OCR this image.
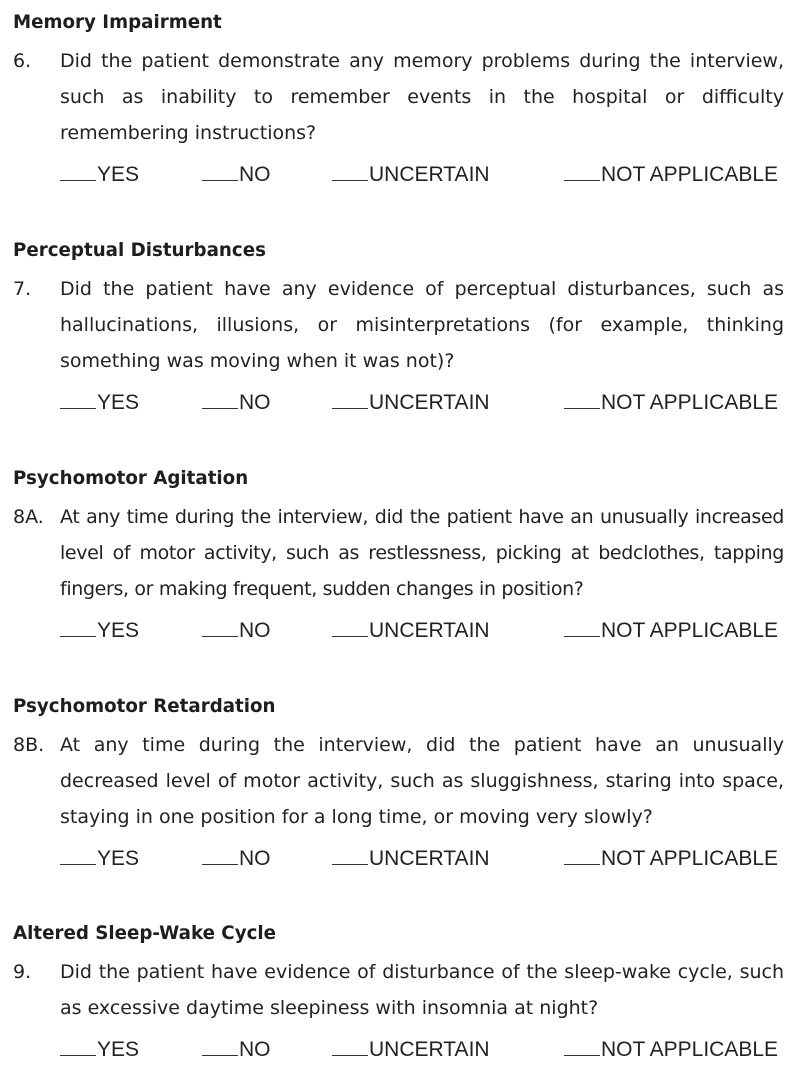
Memory Impairment
6. Did the patient demonstrate any memory problems during the interview, such as inability to remember events in the hospital or difficulty remembering instructions?

YES	NO	UNCERTAIN	NOT APPLICABLE
Perceptual Disturbances
7. Did the patient have any evidence of perceptual disturbances, such as hallucinations, illusions, or misinterpretations (for example, thinking something was moving when it was not)?

YES	NO	UNCERTAIN	NOT APPLICABLE
Psychomotor Agitation
8A. At any time during the interview, did the patient have an unusually increased level of motor activity, such as restlessness, picking at bedclothes, tapping fingers, or making frequent, sudden changes in position?

YES	NO	UNCERTAIN	NOT APPLICABLE
Psychomotor Retardation
8B. At any time during the interview, did the patient have an unusually decreased level of motor activity, such as sluggishness, staring into space, staying in one position for a long time, or moving very slowly?

YES	NO	UNCERTAIN	NOT APPLICABLE
Altered Sleep-Wake Cycle
9. Did the patient have evidence of disturbance of the sleep-wake cycle, such as excessive daytime sleepiness with insomnia at night?

YES	NO	UNCERTAIN	NOT APPLICABLE
